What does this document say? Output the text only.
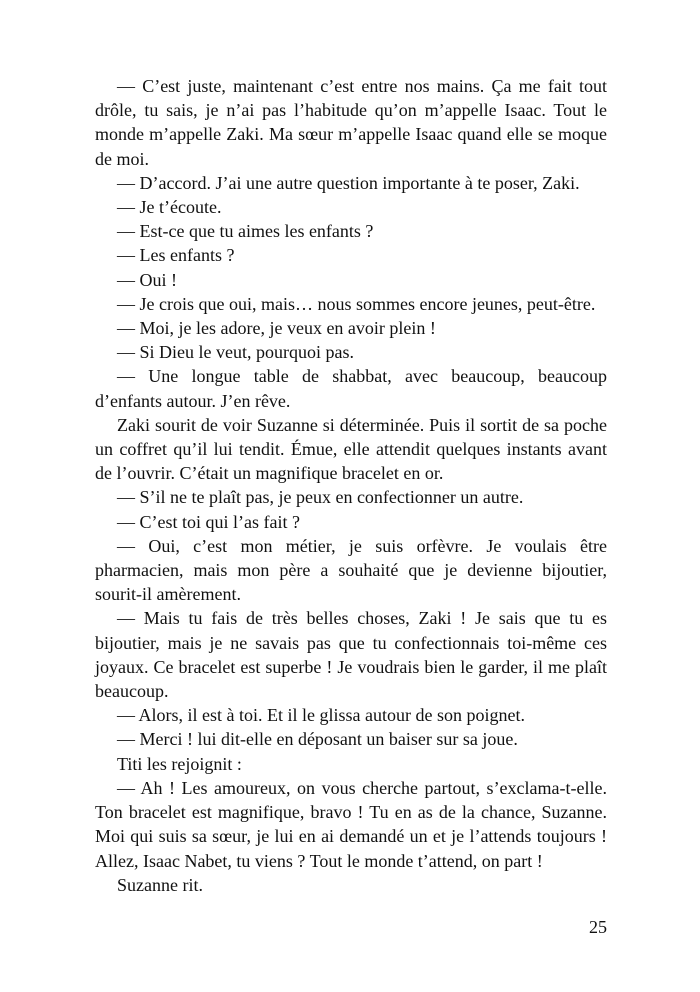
— C’est juste, maintenant c’est entre nos mains. Ça me fait tout drôle, tu sais, je n’ai pas l’habitude qu’on m’appelle Isaac. Tout le monde m’appelle Zaki. Ma sœur m’appelle Isaac quand elle se moque de moi.

— D’accord. J’ai une autre question importante à te poser, Zaki.

— Je t’écoute.

— Est-ce que tu aimes les enfants ?

— Les enfants ?

— Oui !

— Je crois que oui, mais… nous sommes encore jeunes, peut-être.

— Moi, je les adore, je veux en avoir plein !

— Si Dieu le veut, pourquoi pas.

— Une longue table de shabbat, avec beaucoup, beaucoup d’enfants autour. J’en rêve.

Zaki sourit de voir Suzanne si déterminée. Puis il sortit de sa poche un coffret qu’il lui tendit. Émue, elle attendit quelques instants avant de l’ouvrir. C’était un magnifique bracelet en or.

— S’il ne te plaît pas, je peux en confectionner un autre.

— C’est toi qui l’as fait ?

— Oui, c’est mon métier, je suis orfèvre. Je voulais être pharmacien, mais mon père a souhaité que je devienne bijoutier, sourit-il amèrement.

— Mais tu fais de très belles choses, Zaki ! Je sais que tu es bijoutier, mais je ne savais pas que tu confectionnais toi-même ces joyaux. Ce bracelet est superbe ! Je voudrais bien le garder, il me plaît beaucoup.

— Alors, il est à toi. Et il le glissa autour de son poignet.

— Merci ! lui dit-elle en déposant un baiser sur sa joue.

Titi les rejoignit :

— Ah ! Les amoureux, on vous cherche partout, s’exclama-t-elle. Ton bracelet est magnifique, bravo ! Tu en as de la chance, Suzanne. Moi qui suis sa sœur, je lui en ai demandé un et je l’attends toujours ! Allez, Isaac Nabet, tu viens ? Tout le monde t’attend, on part !

Suzanne rit.

25
